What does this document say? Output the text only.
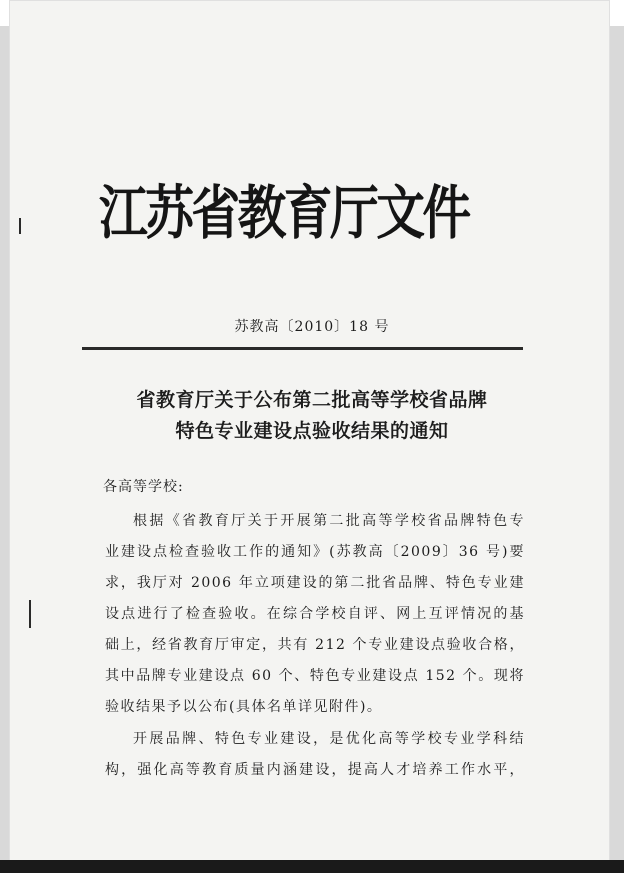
江苏省教育厅文件
苏教高〔2010〕18 号
省教育厅关于公布第二批高等学校省品牌
特色专业建设点验收结果的通知
各高等学校:
根据《省教育厅关于开展第二批高等学校省品牌特色专
业建设点检查验收工作的通知》(苏教高〔2009〕36 号)要
求，我厅对 2006 年立项建设的第二批省品牌、特色专业建
设点进行了检查验收。在综合学校自评、网上互评情况的基
础上，经省教育厅审定，共有 212 个专业建设点验收合格，
其中品牌专业建设点 60 个、特色专业建设点 152 个。现将
验收结果予以公布(具体名单详见附件)。
开展品牌、特色专业建设，是优化高等学校专业学科结
构，强化高等教育质量内涵建设，提高人才培养工作水平，
